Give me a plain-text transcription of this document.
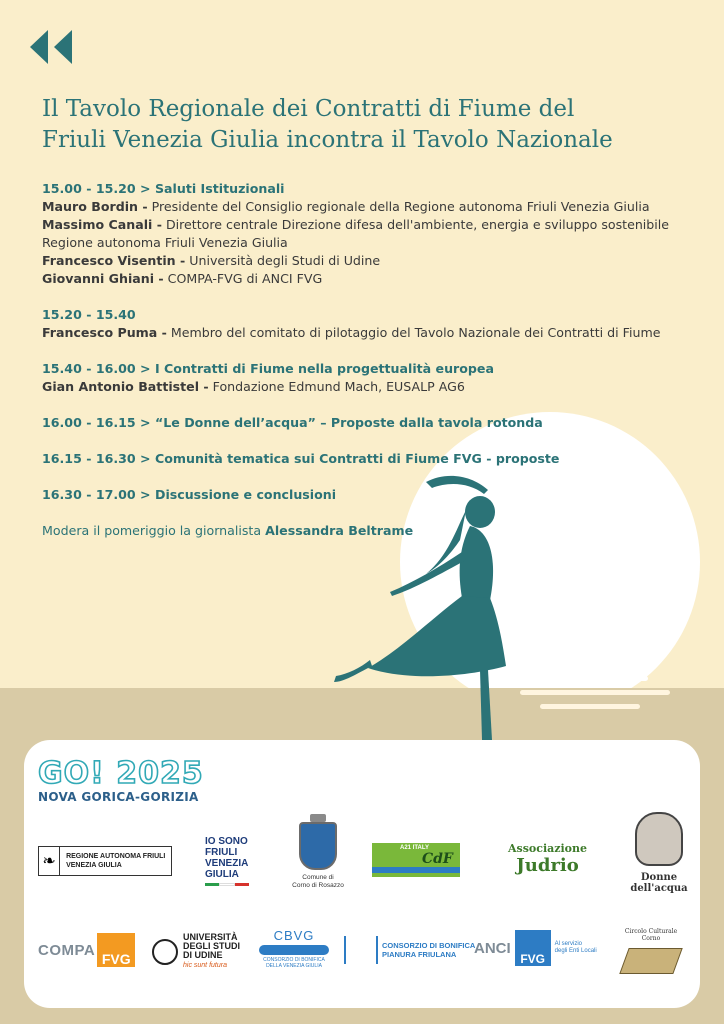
Il Tavolo Regionale dei Contratti di Fiume del
Friuli Venezia Giulia incontra il Tavolo Nazionale
15.00 - 15.20 > Saluti Istituzionali
Mauro Bordin - Presidente del Consiglio regionale della Regione autonoma Friuli Venezia Giulia
Massimo Canali - Direttore centrale Direzione difesa dell'ambiente, energia e sviluppo sostenibile
Regione autonoma Friuli Venezia Giulia
Francesco Visentin - Università degli Studi di Udine
Giovanni Ghiani - COMPA-FVG di ANCI FVG
15.20 - 15.40
Francesco Puma - Membro del comitato di pilotaggio del Tavolo Nazionale dei Contratti di Fiume
15.40 - 16.00 > I Contratti di Fiume nella progettualità europea
Gian Antonio Battistel - Fondazione Edmund Mach, EUSALP AG6
16.00 - 16.15 > “Le Donne dell’acqua” – Proposte dalla tavola rotonda
16.15 - 16.30 > Comunità tematica sui Contratti di Fiume FVG - proposte
16.30 - 17.00 > Discussione e conclusioni
Modera il pomeriggio la giornalista Alessandra Beltrame
GO! 2025
NOVA GORICA-GORIZIA
❧	REGIONE AUTONOMA FRIULI VENEZIA GIULIA
IO SONO
FRIULI
VENEZIA
GIULIA	Comune di
Corno di Rosazzo
A21 ITALY
CdF
Associazione
Judrio
Donne
dell'acqua
COMPA
FVG
UNIVERSITÀ
DEGLI STUDI
DI UDINE
hic sunt futura
CBVG
CONSORZIO DI BONIFICA
DELLA VENEZIA GIULIA
CONSORZIO DI BONIFICA
PIANURA FRIULANA	ANCI
FVG
Al servizio
degli Enti Locali
Circolo Culturale Corno
